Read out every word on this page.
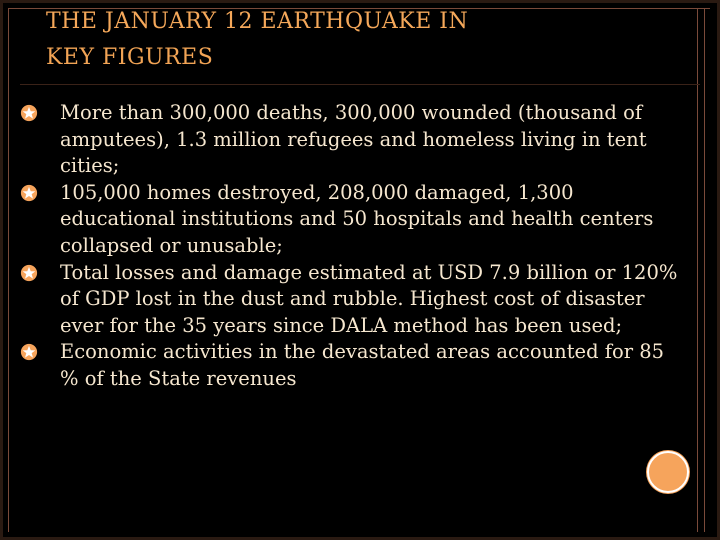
THE JANUARY 12 EARTHQUAKE IN
KEY FIGURES
More than 300,000 deaths, 300,000 wounded (thousand of amputees), 1.3 million refugees and homeless living in tent cities;
105,000 homes destroyed, 208,000 damaged, 1,300 educational institutions and 50 hospitals and health centers collapsed or unusable;
Total losses and damage estimated at USD 7.9 billion or 120% of GDP lost in the dust and rubble. Highest cost of disaster ever for the 35 years since DALA method has been used;
Economic activities in the devastated areas accounted for 85 % of the State revenues
